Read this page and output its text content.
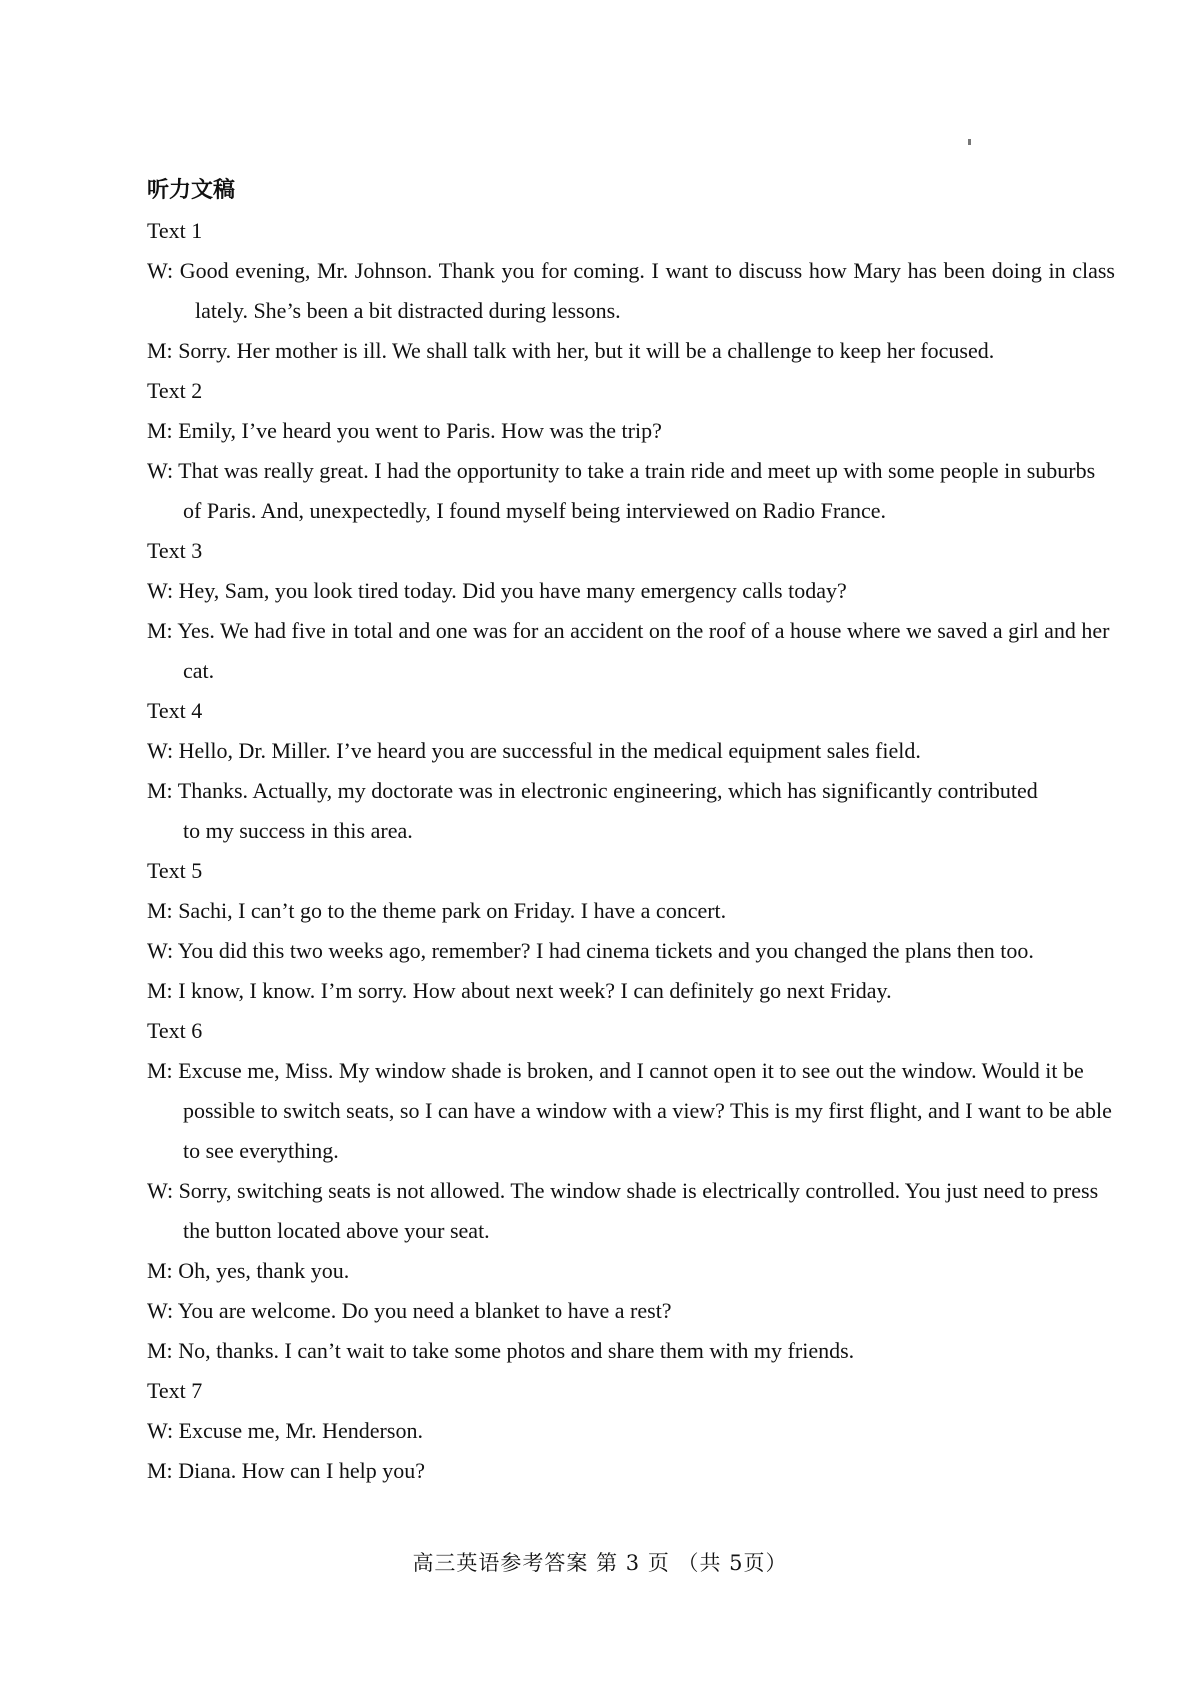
听力文稿

Text 1

W: Good evening, Mr. Johnson. Thank you for coming. I want to discuss how Mary has been doing in class lately. She’s been a bit distracted during lessons.

M: Sorry. Her mother is ill. We shall talk with her, but it will be a challenge to keep her focused.

Text 2

M: Emily, I’ve heard you went to Paris. How was the trip?

W: That was really great. I had the opportunity to take a train ride and meet up with some people in suburbs of Paris. And, unexpectedly, I found myself being interviewed on Radio France.

Text 3

W: Hey, Sam, you look tired today. Did you have many emergency calls today?

M: Yes. We had five in total and one was for an accident on the roof of a house where we saved a girl and her cat.

Text 4

W: Hello, Dr. Miller. I’ve heard you are successful in the medical equipment sales field.

M: Thanks. Actually, my doctorate was in electronic engineering, which has significantly contributed to my success in this area.

Text 5

M: Sachi, I can’t go to the theme park on Friday. I have a concert.

W: You did this two weeks ago, remember? I had cinema tickets and you changed the plans then too.

M: I know, I know. I’m sorry. How about next week? I can definitely go next Friday.

Text 6

M: Excuse me, Miss. My window shade is broken, and I cannot open it to see out the window. Would it be possible to switch seats, so I can have a window with a view? This is my first flight, and I want to be able to see everything.

W: Sorry, switching seats is not allowed. The window shade is electrically controlled. You just need to press the button located above your seat.

M: Oh, yes, thank you.

W: You are welcome. Do you need a blanket to have a rest?

M: No, thanks. I can’t wait to take some photos and share them with my friends.

Text 7

W: Excuse me, Mr. Henderson.

M: Diana. How can I help you?

高三英语参考答案 第 3 页 （共 5页）
